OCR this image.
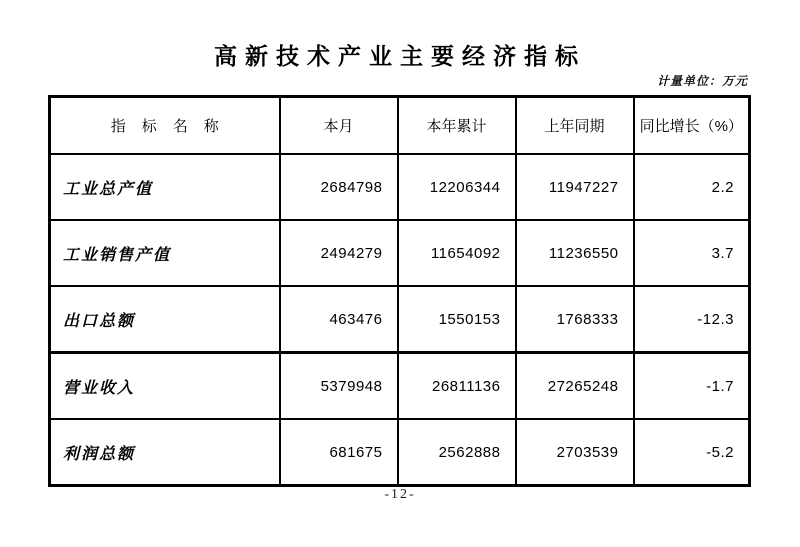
高新技术产业主要经济指标
计量单位：万元
指标名称	本月	本年累计	上年同期	同比增长（%）
工业总产值	2684798	12206344	11947227	2.2
工业销售产值	2494279	11654092	11236550	3.7
出口总额	463476	1550153	1768333	-12.3
营业收入	5379948	26811136	27265248	-1.7
利润总额	681675	2562888	2703539	-5.2
-12-
